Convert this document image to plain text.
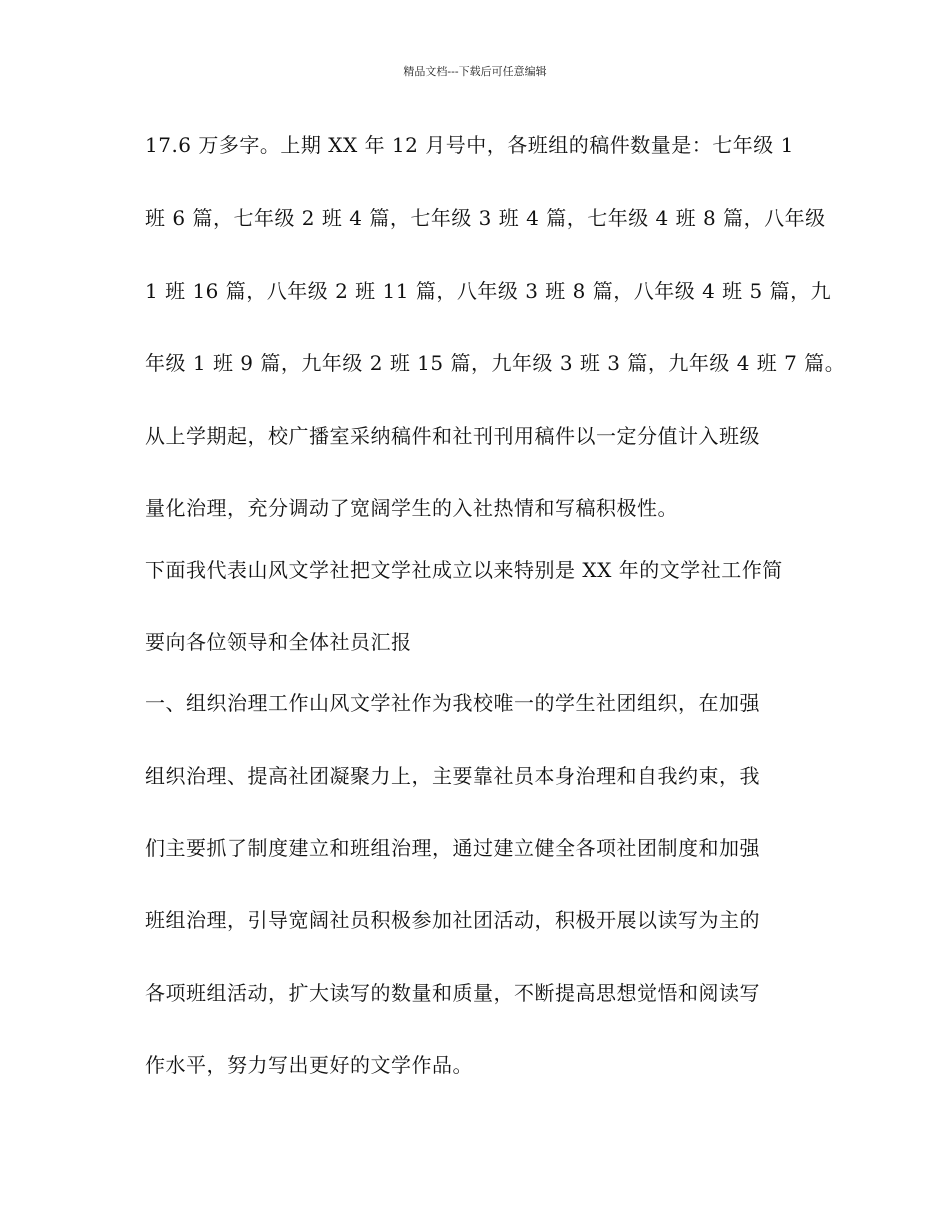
精品文档---下载后可任意编辑
17.6 万多字。上期 XX 年 12 月号中，各班组的稿件数量是：七年级 1
班 6 篇，七年级 2 班 4 篇，七年级 3 班 4 篇，七年级 4 班 8 篇，八年级
1 班 16 篇，八年级 2 班 11 篇，八年级 3 班 8 篇，八年级 4 班 5 篇，九
年级 1 班 9 篇，九年级 2 班 15 篇，九年级 3 班 3 篇，九年级 4 班 7 篇。
从上学期起，校广播室采纳稿件和社刊刊用稿件以一定分值计入班级
量化治理，充分调动了宽阔学生的入社热情和写稿积极性。
下面我代表山风文学社把文学社成立以来特别是 XX 年的文学社工作简
要向各位领导和全体社员汇报
一、组织治理工作山风文学社作为我校唯一的学生社团组织，在加强
组织治理、提高社团凝聚力上，主要靠社员本身治理和自我约束，我
们主要抓了制度建立和班组治理，通过建立健全各项社团制度和加强
班组治理，引导宽阔社员积极参加社团活动，积极开展以读写为主的
各项班组活动，扩大读写的数量和质量，不断提高思想觉悟和阅读写
作水平，努力写出更好的文学作品。
